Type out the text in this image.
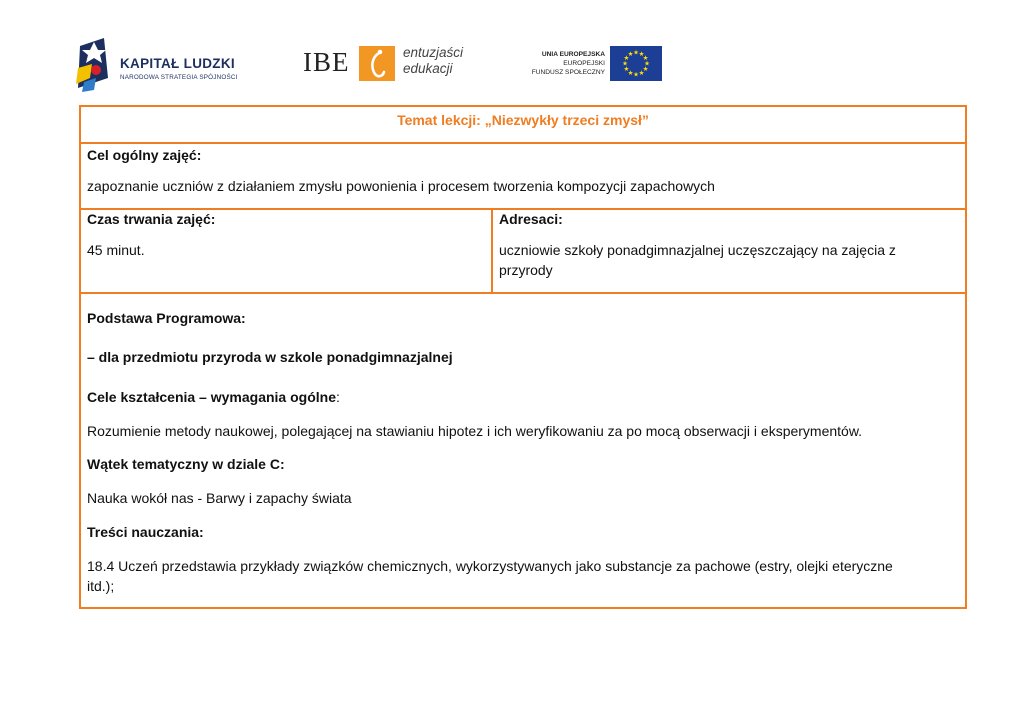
KAPITAŁ LUDZKI
NARODOWA STRATEGIA SPÓJNOŚCI
IBE	entuzjaści
edukacji
UNIA EUROPEJSKA
EUROPEJSKI
FUNDUSZ SPOŁECZNY
★ ★
★
★
★
★
★
★
★
★
★
★
Temat lekcji: „Niezwykły trzeci zmysł”
Cel ogólny zajęć:
zapoznanie uczniów z działaniem zmysłu powonienia i procesem tworzenia kompozycji zapachowych
Czas trwania zajęć:
45 minut.
Adresaci:
uczniowie szkoły ponadgimnazjalnej uczęszczający na zajęcia z
przyrody
Podstawa Programowa:
– dla przedmiotu przyroda w szkole ponadgimnazjalnej
Cele kształcenia – wymagania ogólne:
Rozumienie metody naukowej, polegającej na stawianiu hipotez i ich weryfikowaniu za po mocą obserwacji i eksperymentów.
Wątek tematyczny w dziale C:
Nauka wokół nas - Barwy i zapachy świata
Treści nauczania:
18.4 Uczeń przedstawia przykłady związków chemicznych, wykorzystywanych jako substancje za pachowe (estry, olejki eteryczne
itd.);
